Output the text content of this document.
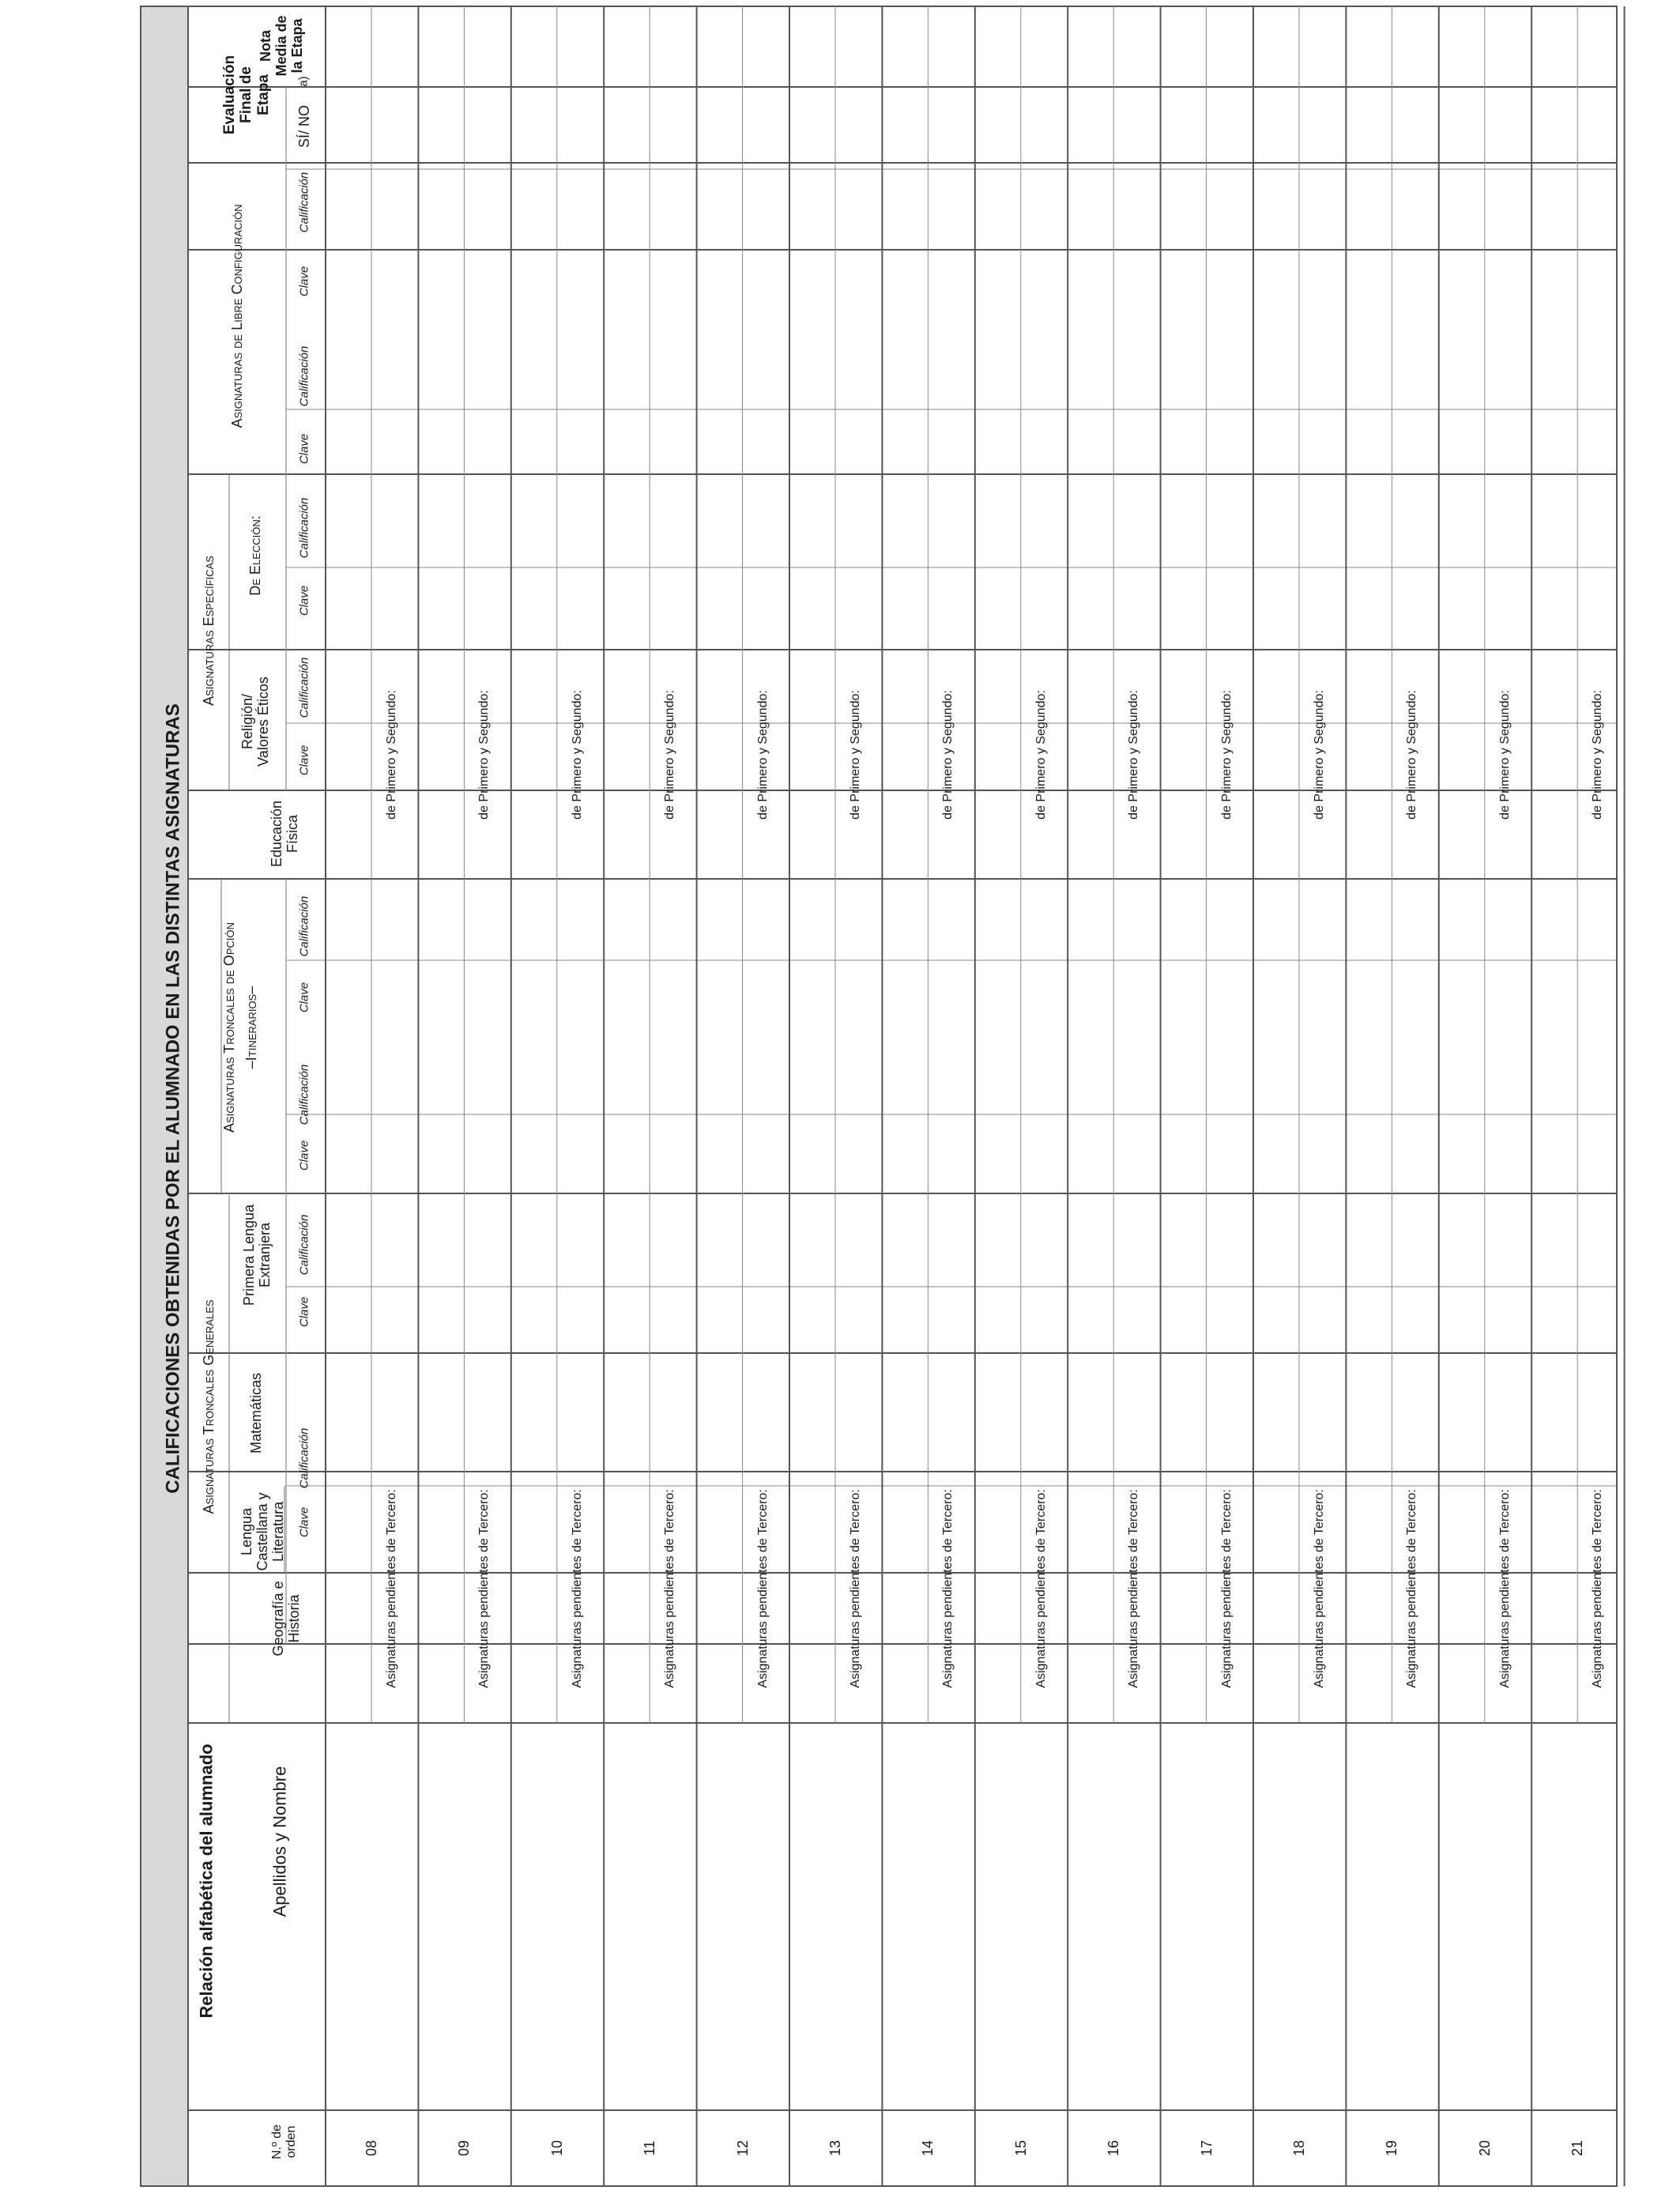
CALIFICACIONES OBTENIDAS POR EL ALUMNADO EN LAS DISTINTAS ASIGNATURAS
Relación alfabética del alumnado
N.º de orden
Apellidos y Nombre
Asignaturas Troncales Generales
Asignaturas Troncales de Opción –Itinerarios–
Asignaturas Específicas
Asignaturas de Libre Configuración
Evaluación Final de Etapa
Nota Media de la Etapa
Geografía e Historia
Lengua Castellana y Literatura
Matemáticas
Primera Lengua Extranjera
Educación Física
Religión/ Valores Éticos
De Elección:
SÍ/ NO
a)
Clave
Calificación
Clave
Calificación
Clave
Calificación
Clave
Calificación
Clave
Calificación
Clave
Calificación
Clave
Calificación
Clave
Calificación
08
Asignaturas pendientes de Tercero:
de Primero y Segundo:
09
Asignaturas pendientes de Tercero:
de Primero y Segundo:
10
Asignaturas pendientes de Tercero:
de Primero y Segundo:
11
Asignaturas pendientes de Tercero:
de Primero y Segundo:
12
Asignaturas pendientes de Tercero:
de Primero y Segundo:
13
Asignaturas pendientes de Tercero:
de Primero y Segundo:
14
Asignaturas pendientes de Tercero:
de Primero y Segundo:
15
Asignaturas pendientes de Tercero:
de Primero y Segundo:
16
Asignaturas pendientes de Tercero:
de Primero y Segundo:
17
Asignaturas pendientes de Tercero:
de Primero y Segundo:
18
Asignaturas pendientes de Tercero:
de Primero y Segundo:
19
Asignaturas pendientes de Tercero:
de Primero y Segundo:
20
Asignaturas pendientes de Tercero:
de Primero y Segundo:
21
Asignaturas pendientes de Tercero:
de Primero y Segundo:
